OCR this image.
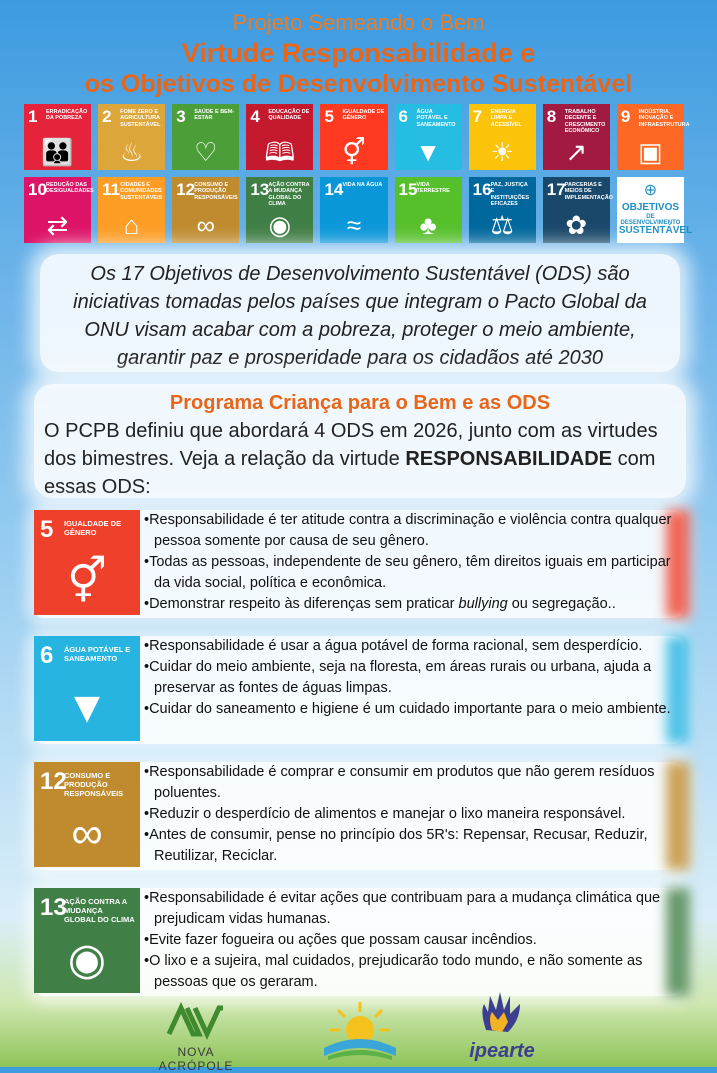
Projeto Semeando o Bem
Virtude Responsabilidade e
os Objetivos de Desenvolvimento Sustentável
1 ERRADICAÇÃO DA POBREZA
👪
2 FOME ZERO E AGRICULTURA SUSTENTÁVEL
♨
3 SAÚDE E BEM-ESTAR
♡
4 EDUCAÇÃO DE QUALIDADE
🕮
5 IGUALDADE DE GÊNERO
⚥
6 ÁGUA POTÁVEL E SANEAMENTO
▼
7 ENERGIA LIMPA E ACESSÍVEL
☀
8 TRABALHO DECENTE E CRESCIMENTO ECONÔMICO
↗
9 INDÚSTRIA, INOVAÇÃO E INFRAESTRUTURA
▣
10 REDUÇÃO DAS DESIGUALDADES
⇄
11 CIDADES E COMUNIDADES SUSTENTÁVEIS
⌂
12 CONSUMO E PRODUÇÃO RESPONSÁVEIS
∞
13 AÇÃO CONTRA A MUDANÇA GLOBAL DO CLIMA
◉
14 VIDA NA ÁGUA
≈
15 VIDA TERRESTRE
♣
16 PAZ, JUSTIÇA E INSTITUIÇÕES EFICAZES
⚖
17 PARCERIAS E MEIOS DE IMPLEMENTAÇÃO
✿
⊕
OBJETIVOS
DE DESENVOLVIMENTO
SUSTENTÁVEL

Os 17 Objetivos de Desenvolvimento Sustentável (ODS) são iniciativas tomadas pelos países que integram o Pacto Global da ONU visam acabar com a pobreza, proteger o meio ambiente, garantir paz e prosperidade para os cidadãos até 2030

Programa Criança para o Bem e as ODS

O PCPB definiu que abordará 4 ODS em 2026, junto com as virtudes dos bimestres. Veja a relação da virtude RESPONSABILIDADE com essas ODS:

5 IGUALDADE DE GÊNERO
⚥
• Responsabilidade é ter atitude contra a discriminação e violência contra qualquer pessoa somente por causa de seu gênero.
• Todas as pessoas, independente de seu gênero, têm direitos iguais em participar da vida social, política e econômica.
• Demonstrar respeito às diferenças sem praticar bullying ou segregação..
6 ÁGUA POTÁVEL E SANEAMENTO
▼
• Responsabilidade é usar a água potável de forma racional, sem desperdício.
• Cuidar do meio ambiente, seja na floresta, em áreas rurais ou urbana, ajuda a preservar as fontes de águas limpas.
• Cuidar do saneamento e higiene é um cuidado importante para o meio ambiente.
12
CONSUMO E PRODUÇÃO RESPONSÁVEIS
∞
• Responsabilidade é comprar e consumir em produtos que não gerem resíduos poluentes.
• Reduzir o desperdício de alimentos e manejar o lixo maneira responsável.
• Antes de consumir, pense no princípio dos 5R's: Repensar, Recusar, Reduzir, Reutilizar, Reciclar.
13
AÇÃO CONTRA A MUDANÇA GLOBAL DO CLIMA
◉
• Responsabilidade é evitar ações que contribuam para a mudança climática que prejudicam vidas humanas.
• Evite fazer fogueira ou ações que possam causar incêndios.
• O lixo e a sujeira, mal cuidados, prejudicarão todo mundo, e não somente as pessoas que os geraram.
NOVA ACRÓPOLE
ipearte
